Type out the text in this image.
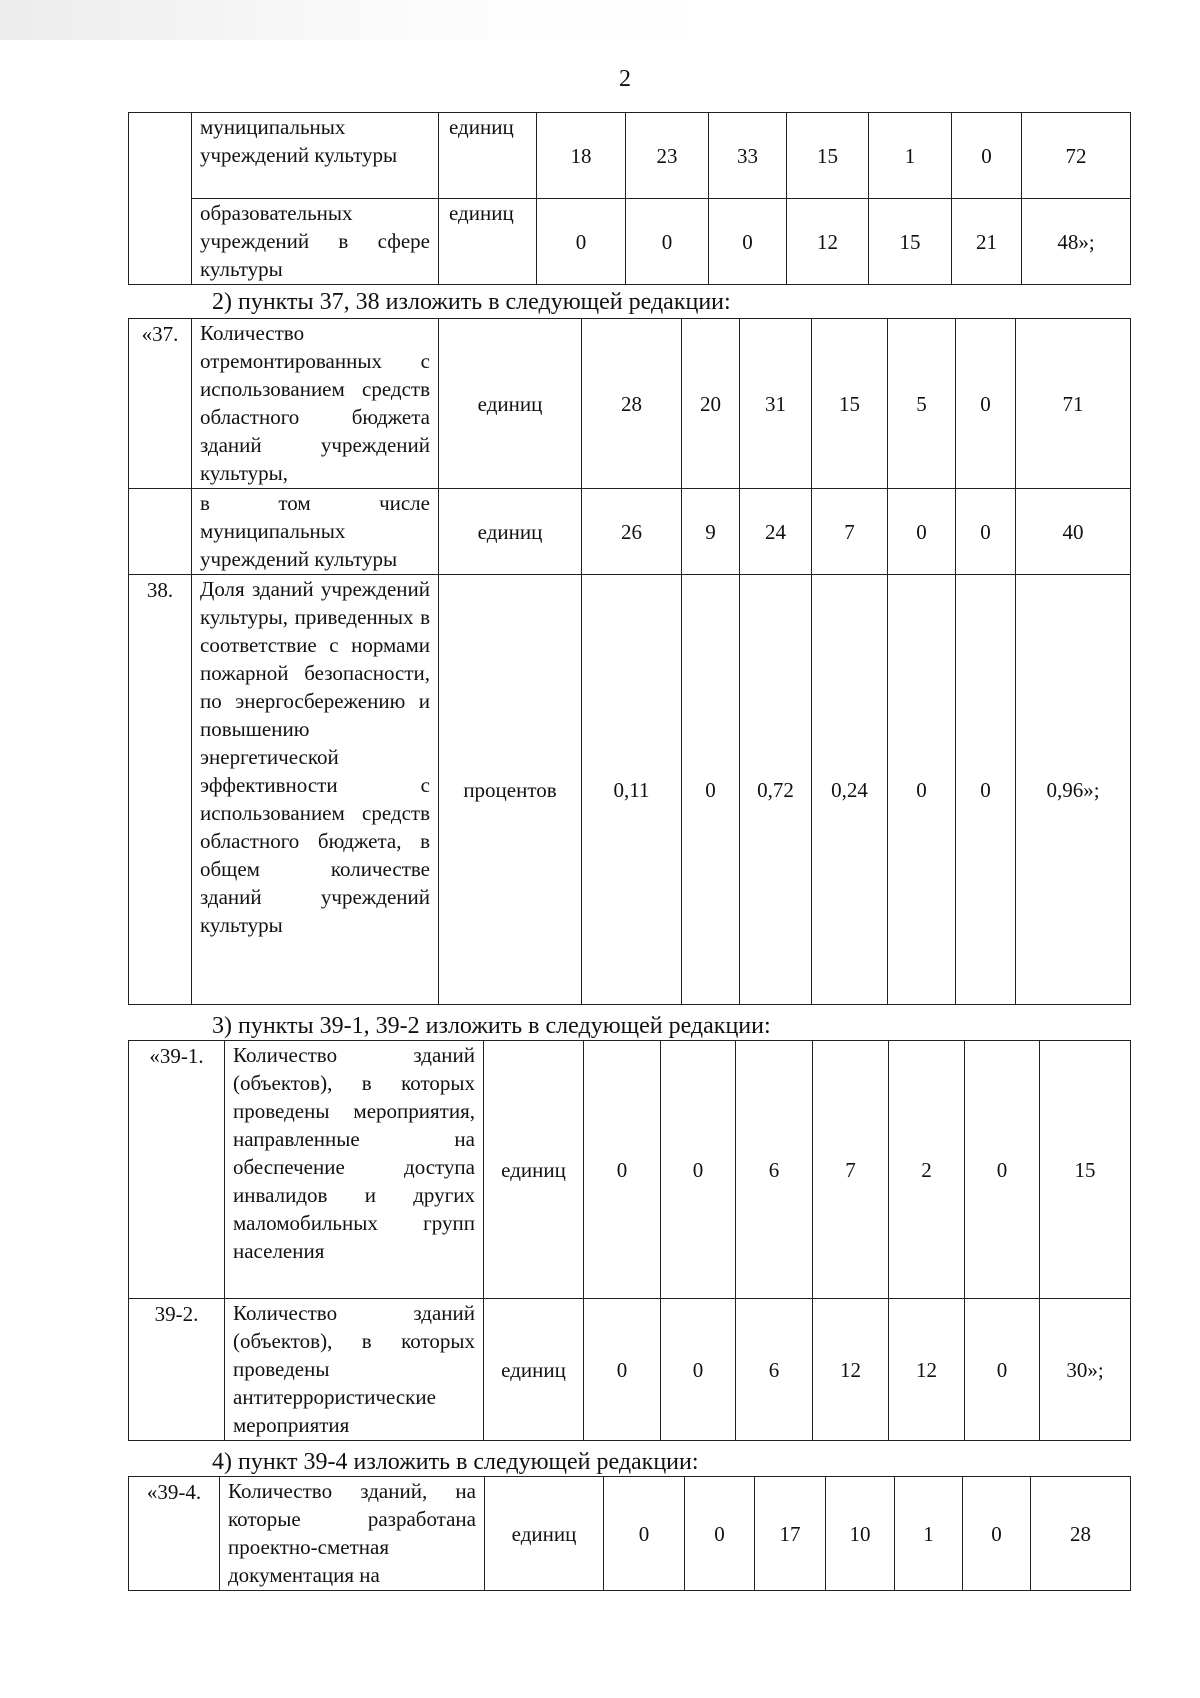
2
	муниципальных учреждений культуры	единиц	18	23	33	15	1	0	72
	образовательных учреждений в сфере культуры	единиц	0	0	0	12	15	21	48»;
2) пункты 37, 38 изложить в следующей редакции:
«37.	Количество отремонтированных с использованием средств областного бюджета зданий учреждений культуры,	единиц	28	20	31	15	5	0	71
	в том числе муниципальных учреждений культуры	единиц	26	9	24	7	0	0	40
38.	Доля зданий учреждений культуры, приведенных в соответствие с нормами пожарной безопасности, по энергосбережению и повышению энергетической эффективности с использованием средств областного бюджета, в общем количестве зданий учреждений культуры	процентов	0,11	0	0,72	0,24	0	0	0,96»;
3) пункты 39-1, 39-2 изложить в следующей редакции:
«39-1.	Количество зданий (объектов), в которых проведены мероприятия, направленные на обеспечение доступа инвалидов и других маломобильных групп населения	единиц	0	0	6	7	2	0	15
39-2.	Количество зданий (объектов), в которых проведены антитеррористические мероприятия	единиц	0	0	6	12	12	0	30»;
4) пункт 39-4 изложить в следующей редакции:
«39-4.	Количество зданий, на которые разработана проектно-сметная документация на	единиц	0	0	17	10	1	0	28
